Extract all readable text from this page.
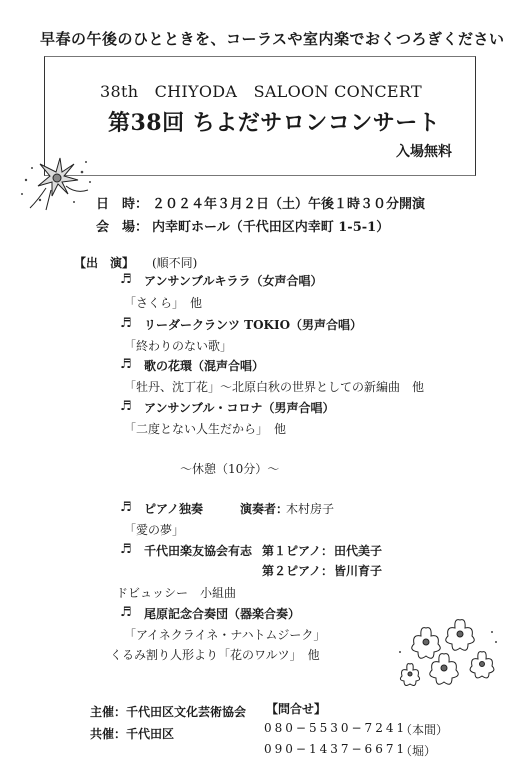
早春の午後のひとときを、コーラスや室内楽でおくつろぎください
38th　CHIYODA　SALOON CONCERT
第38回 ちよだサロンコンサート
入場無料
日　時： ２０２４年３月２日（土）午後１時３０分開演
会　場： 内幸町ホール（千代田区内幸町 1-5-1）
【出　演】 (順不同)
♬ アンサンブルキララ（女声合唱）
「さくら」　他
♬ リーダークランツ TOKIO（男声合唱）
「終わりのない歌」
♬ 歌の花環（混声合唱）
「牡丹、沈丁花」〜北原白秋の世界としての新編曲　他
♬ アンサンブル・コロナ（男声合唱）
「二度とない人生だから」　他
〜休憩（10分）〜
♬ ピアノ独奏	演奏者：
木村房子
「愛の夢」
♬ 千代田楽友協会有志 第１ピアノ： 田代美子
第２ピアノ： 皆川育子
ドビュッシー　小組曲
♬ 尾原記念合奏団（器楽合奏）
「アイネクライネ・ナハトムジーク」
くるみ割り人形より「花のワルツ」　他
主催：千代田区文化芸術協会
共催：千代田区
【問合せ】
080−5530−7241
（本間）
090−1437−6671
（堀）
